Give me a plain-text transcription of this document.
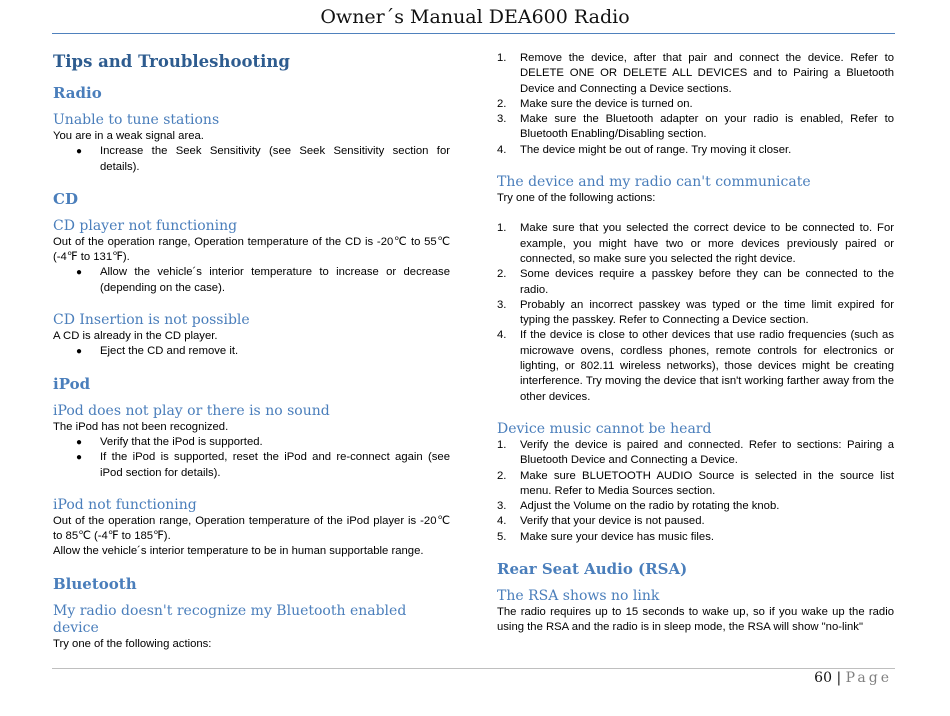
Owner´s Manual DEA600 Radio
Tips and Troubleshooting
Radio
Unable to tune stations
You are in a weak signal area.
● Increase the Seek Sensitivity (see Seek Sensitivity section for details).
CD
CD player not functioning
Out of the operation range, Operation temperature of the CD is -20℃ to 55℃ (-4℉ to 131℉).
● Allow the vehicle´s interior temperature to increase or decrease (depending on the case).
CD Insertion is not possible
A CD is already in the CD player.
● Eject the CD and remove it.
iPod
iPod does not play or there is no sound
The iPod has not been recognized.
● Verify that the iPod is supported.
● If the iPod is supported, reset the iPod and re-connect again (see iPod section for details).
iPod not functioning
Out of the operation range, Operation temperature of the iPod player is -20℃ to 85℃ (-4℉ to 185℉).
Allow the vehicle´s interior temperature to be in human supportable range.
Bluetooth
My radio doesn't recognize my Bluetooth enabled device
Try one of the following actions:
1. Remove the device, after that pair and connect the device. Refer to DELETE ONE OR DELETE ALL DEVICES and to Pairing a Bluetooth Device and Connecting a Device sections.
2. Make sure the device is turned on.
3. Make sure the Bluetooth adapter on your radio is enabled, Refer to Bluetooth Enabling/Disabling section.
4. The device might be out of range. Try moving it closer.
The device and my radio can't communicate
Try one of the following actions:
1. Make sure that you selected the correct device to be connected to. For example, you might have two or more devices previously paired or connected, so make sure you selected the right device.
2. Some devices require a passkey before they can be connected to the radio.
3. Probably an incorrect passkey was typed or the time limit expired for typing the passkey. Refer to Connecting a Device section.
4. If the device is close to other devices that use radio frequencies (such as microwave ovens, cordless phones, remote controls for electronics or lighting, or 802.11 wireless networks), those devices might be creating interference. Try moving the device that isn't working farther away from the other devices.
Device music cannot be heard
1. Verify the device is paired and connected. Refer to sections: Pairing a Bluetooth Device and Connecting a Device.
2. Make sure BLUETOOTH AUDIO Source is selected in the source list menu. Refer to Media Sources section.
3. Adjust the Volume on the radio by rotating the knob.
4. Verify that your device is not paused.
5. Make sure your device has music files.
Rear Seat Audio (RSA)
The RSA shows no link
The radio requires up to 15 seconds to wake up, so if you wake up the radio using the RSA and the radio is in sleep mode, the RSA will show "no-link"
60 | Page
